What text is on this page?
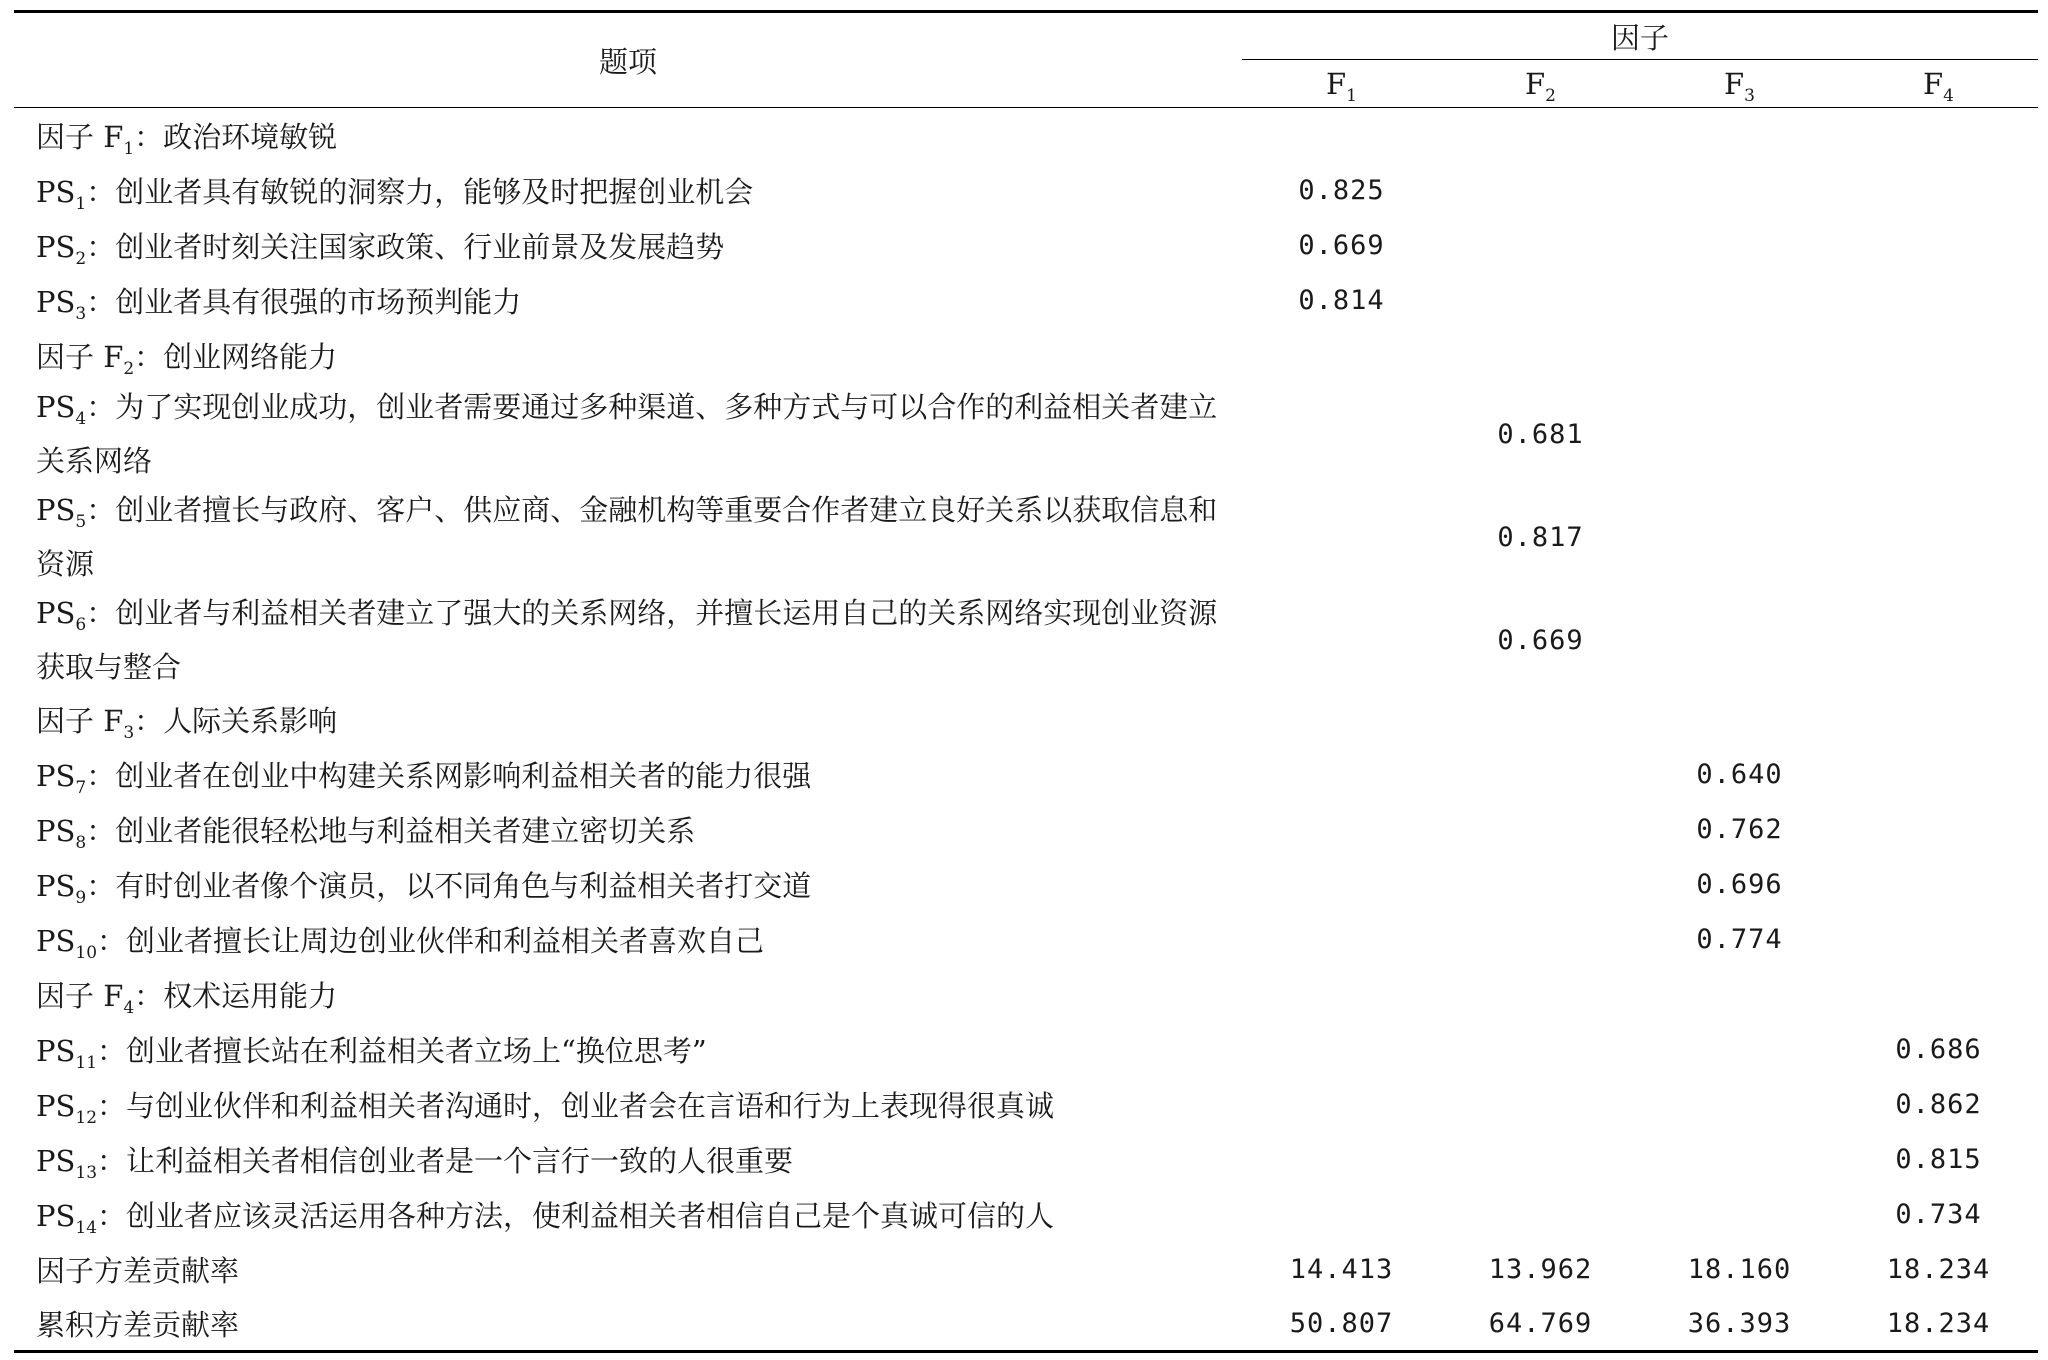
题项	因子			
	$F_1$	$F_2$	$F_3$	$F_4$
因子 $F_1$：政治环境敏锐				
$PS_1$：创业者具有敏锐的洞察力，能够及时把握创业机会	0.825			
$PS_2$：创业者时刻关注国家政策、行业前景及发展趋势	0.669			
$PS_3$：创业者具有很强的市场预判能力	0.814			
因子 $F_2$：创业网络能力				
$PS_4$：为了实现创业成功，创业者需要通过多种渠道、多种方式与可以合作的利益相关者建立关系网络		0.681		
$PS_5$：创业者擅长与政府、客户、供应商、金融机构等重要合作者建立良好关系以获取信息和资源		0.817		
$PS_6$：创业者与利益相关者建立了强大的关系网络，并擅长运用自己的关系网络实现创业资源获取与整合		0.669		
因子 $F_3$：人际关系影响				
$PS_7$：创业者在创业中构建关系网影响利益相关者的能力很强			0.640	
$PS_8$：创业者能很轻松地与利益相关者建立密切关系			0.762	
$PS_9$：有时创业者像个演员，以不同角色与利益相关者打交道			0.696	
$PS_{10}$：创业者擅长让周边创业伙伴和利益相关者喜欢自己			0.774	
因子 $F_4$：权术运用能力				
$PS_{11}$：创业者擅长站在利益相关者立场上“换位思考”				0.686
$PS_{12}$：与创业伙伴和利益相关者沟通时，创业者会在言语和行为上表现得很真诚				0.862
$PS_{13}$：让利益相关者相信创业者是一个言行一致的人很重要				0.815
$PS_{14}$：创业者应该灵活运用各种方法，使利益相关者相信自己是个真诚可信的人				0.734
因子方差贡献率	14.413	13.962	18.160	18.234
累积方差贡献率	50.807	64.769	36.393	18.234
